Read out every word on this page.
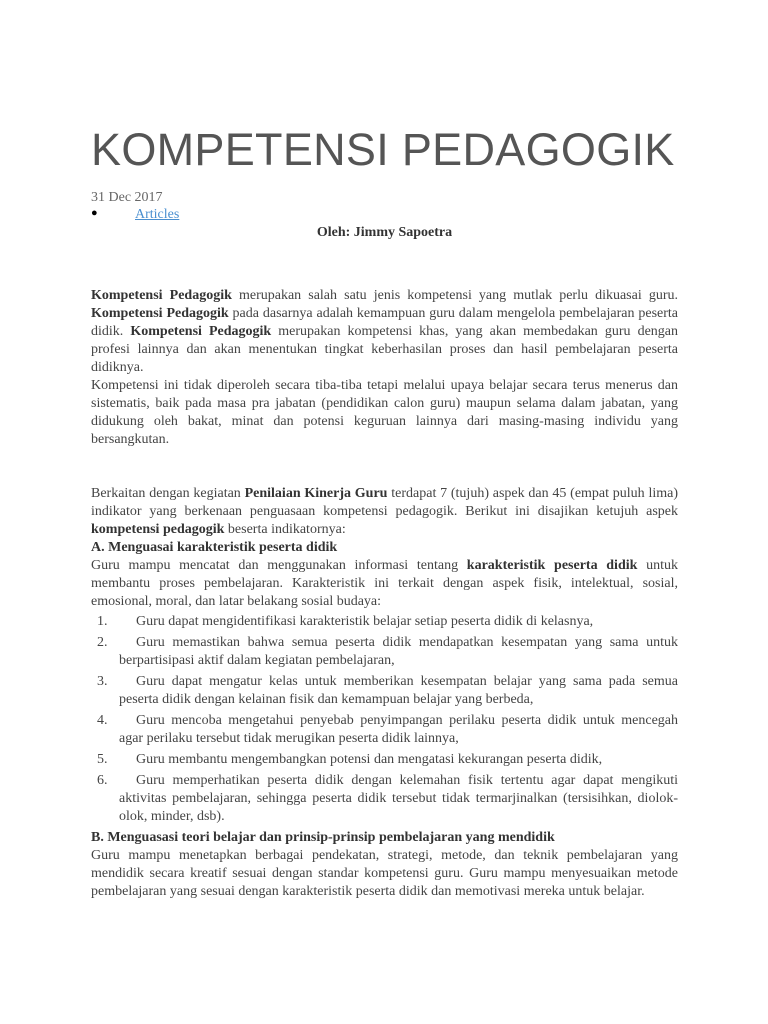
KOMPETENSI PEDAGOGIK
31 Dec 2017
●	Articles
Oleh: Jimmy Sapoetra

Kompetensi Pedagogik merupakan salah satu jenis kompetensi yang mutlak perlu dikuasai guru. Kompetensi Pedagogik pada dasarnya adalah kemampuan guru dalam mengelola pembelajaran peserta didik. Kompetensi Pedagogik merupakan kompetensi khas, yang akan membedakan guru dengan profesi lainnya dan akan menentukan tingkat keberhasilan proses dan hasil pembelajaran peserta didiknya.

Kompetensi ini tidak diperoleh secara tiba-tiba tetapi melalui upaya belajar secara terus menerus dan sistematis, baik pada masa pra jabatan (pendidikan calon guru) maupun selama dalam jabatan, yang didukung oleh bakat, minat dan potensi keguruan lainnya dari masing-masing individu yang bersangkutan.

Berkaitan dengan kegiatan Penilaian Kinerja Guru terdapat 7 (tujuh) aspek dan 45 (empat puluh lima) indikator yang berkenaan penguasaan kompetensi pedagogik. Berikut ini disajikan ketujuh aspek kompetensi pedagogik beserta indikatornya:

A. Menguasai karakteristik peserta didik

Guru mampu mencatat dan menggunakan informasi tentang karakteristik peserta didik untuk membantu proses pembelajaran. Karakteristik ini terkait dengan aspek fisik, intelektual, sosial, emosional, moral, dan latar belakang sosial budaya:

1.	Guru dapat mengidentifikasi karakteristik belajar setiap peserta didik di kelasnya,
2.	Guru memastikan bahwa semua peserta didik mendapatkan kesempatan yang sama untuk berpartisipasi aktif dalam kegiatan pembelajaran,
3.	Guru dapat mengatur kelas untuk memberikan kesempatan belajar yang sama pada semua peserta didik dengan kelainan fisik dan kemampuan belajar yang berbeda,
4.	Guru mencoba mengetahui penyebab penyimpangan perilaku peserta didik untuk mencegah agar perilaku tersebut tidak merugikan peserta didik lainnya,
5.	Guru membantu mengembangkan potensi dan mengatasi kekurangan peserta didik,
6.	Guru memperhatikan peserta didik dengan kelemahan fisik tertentu agar dapat mengikuti aktivitas pembelajaran, sehingga peserta didik tersebut tidak termarjinalkan (tersisihkan, diolok-olok, minder, dsb).

B. Menguasasi teori belajar dan prinsip-prinsip pembelajaran yang mendidik

Guru mampu menetapkan berbagai pendekatan, strategi, metode, dan teknik pembelajaran yang mendidik secara kreatif sesuai dengan standar kompetensi guru. Guru mampu menyesuaikan metode pembelajaran yang sesuai dengan karakteristik peserta didik dan memotivasi mereka untuk belajar.
